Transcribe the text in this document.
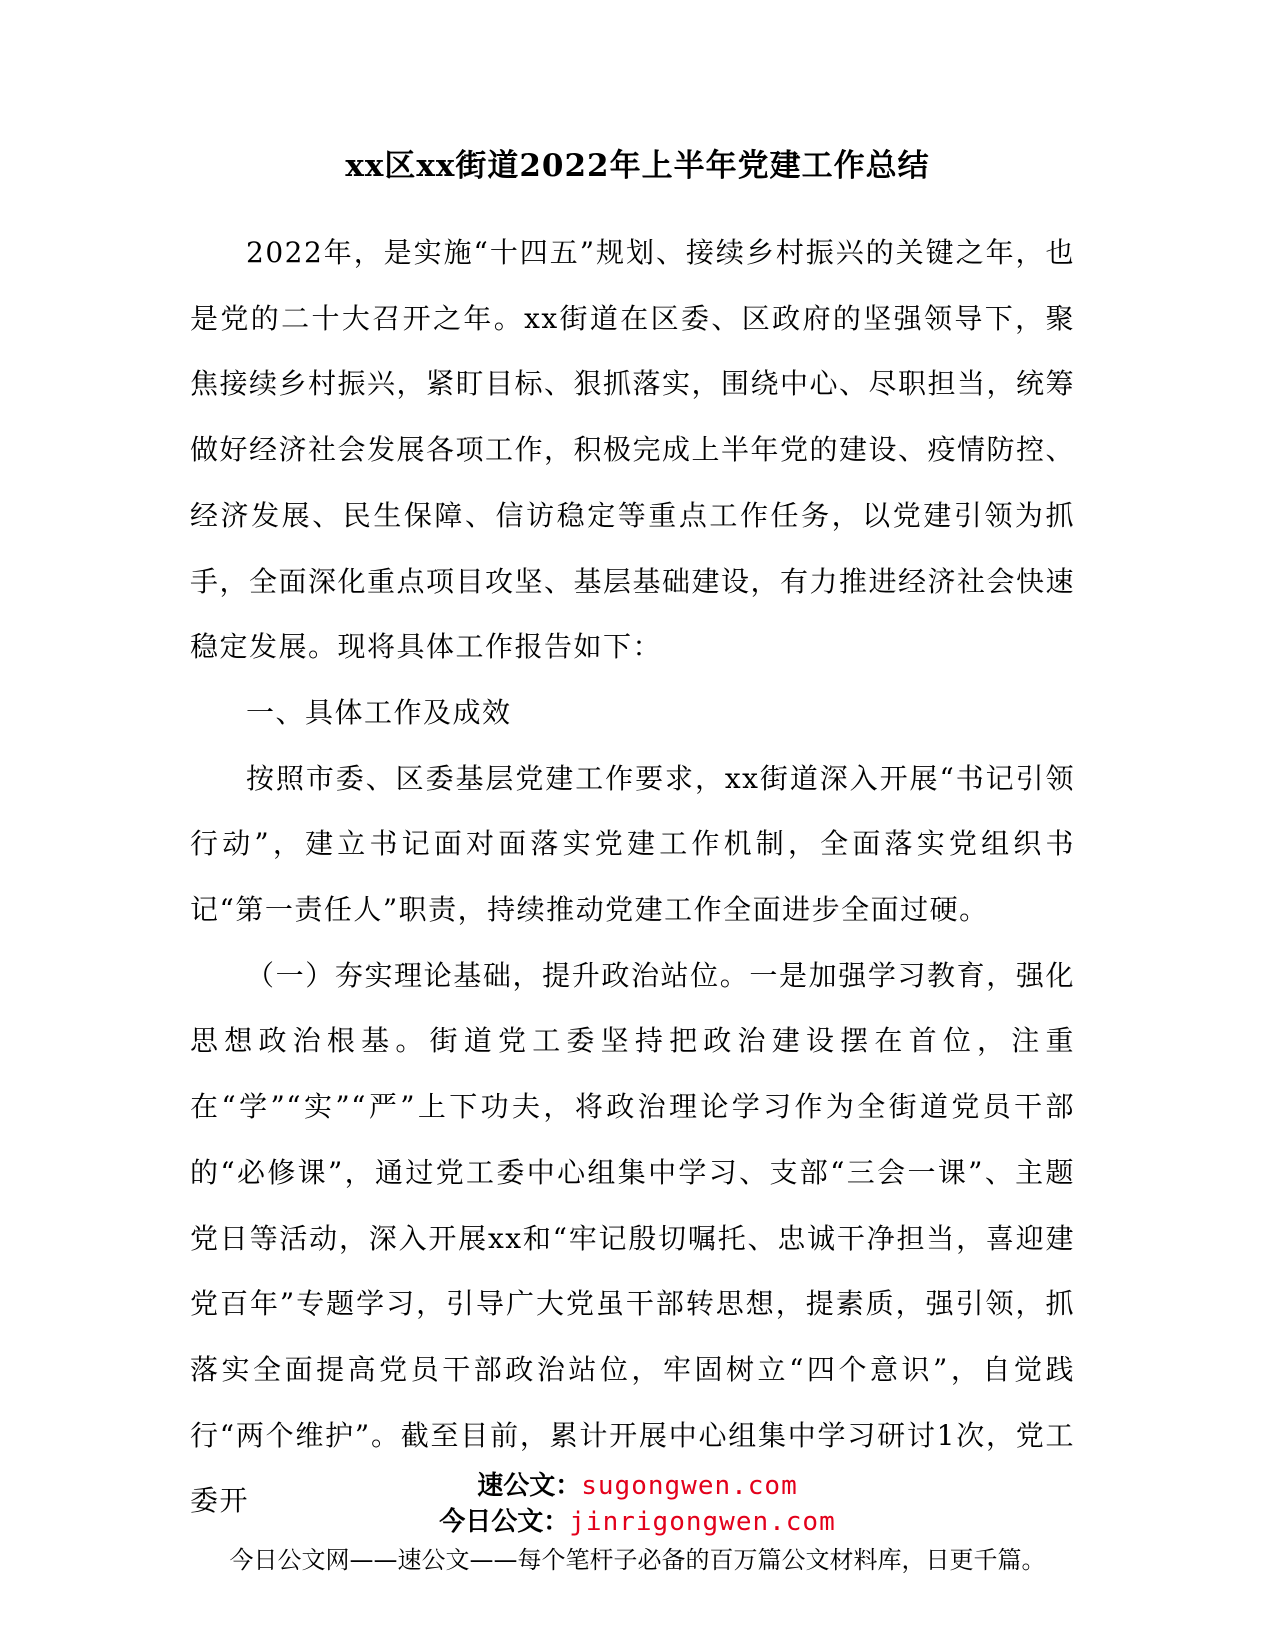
xx区xx街道2022年上半年党建工作总结

2022年，是实施“十四五”规划、接续乡村振兴的关键之年，也是党的二十大召开之年。xx街道在区委、区政府的坚强领导下，聚焦接续乡村振兴，紧盯目标、狠抓落实，围绕中心、尽职担当，统筹做好经济社会发展各项工作，积极完成上半年党的建设、疫情防控、经济发展、民生保障、信访稳定等重点工作任务，以党建引领为抓手，全面深化重点项目攻坚、基层基础建设，有力推进经济社会快速稳定发展。现将具体工作报告如下：

一、具体工作及成效

按照市委、区委基层党建工作要求，xx街道深入开展“书记引领行动”，建立书记面对面落实党建工作机制，全面落实党组织书记“第一责任人”职责，持续推动党建工作全面进步全面过硬。

（一）夯实理论基础，提升政治站位。一是加强学习教育，强化思想政治根基。街道党工委坚持把政治建设摆在首位，注重在“学”“实”“严”上下功夫，将政治理论学习作为全街道党员干部的“必修课”，通过党工委中心组集中学习、支部“三会一课”、主题党日等活动，深入开展xx和“牢记殷切嘱托、忠诚干净担当，喜迎建党百年”专题学习，引导广大党虽干部转思想，提素质，强引领，抓落实全面提高党员干部政治站位，牢固树立“四个意识”，自觉践行“两个维护”。截至目前，累计开展中心组集中学习研讨1次，党工委开	速公文：sugongwen.com
今日公文：jinrigongwen.com
今日公文网——速公文——每个笔杆子必备的百万篇公文材料库，日更千篇。
